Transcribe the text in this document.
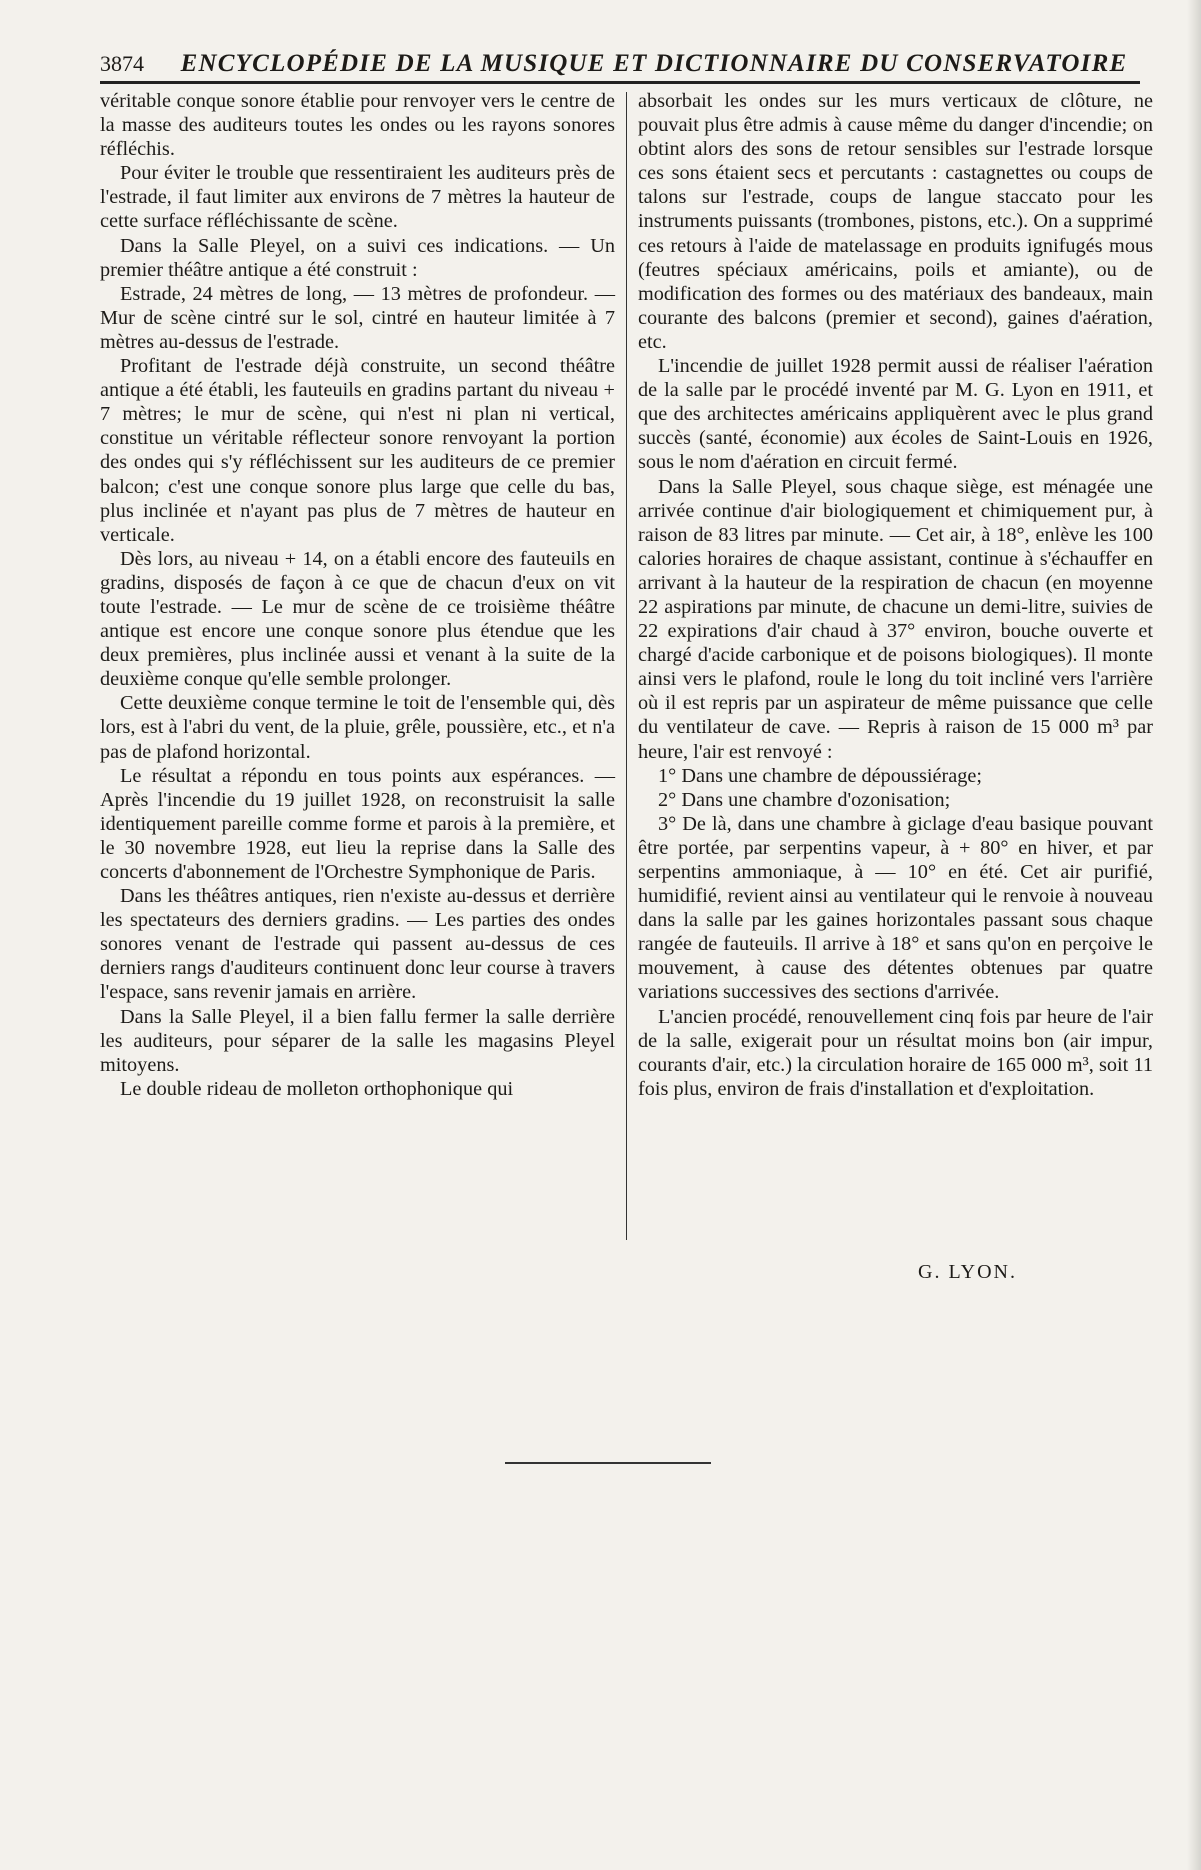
3874	ENCYCLOPÉDIE DE LA MUSIQUE ET DICTIONNAIRE DU CONSERVATOIRE

véritable conque sonore établie pour renvoyer vers le centre de la masse des auditeurs toutes les ondes ou les rayons sonores réfléchis.

Pour éviter le trouble que ressentiraient les auditeurs près de l'estrade, il faut limiter aux environs de 7 mètres la hauteur de cette surface réfléchissante de scène.

Dans la Salle Pleyel, on a suivi ces indications. — Un premier théâtre antique a été construit :

Estrade, 24 mètres de long, — 13 mètres de profondeur. — Mur de scène cintré sur le sol, cintré en hauteur limitée à 7 mètres au-dessus de l'estrade.

Profitant de l'estrade déjà construite, un second théâtre antique a été établi, les fauteuils en gradins partant du niveau + 7 mètres; le mur de scène, qui n'est ni plan ni vertical, constitue un véritable réflecteur sonore renvoyant la portion des ondes qui s'y réfléchissent sur les auditeurs de ce premier balcon; c'est une conque sonore plus large que celle du bas, plus inclinée et n'ayant pas plus de 7 mètres de hauteur en verticale.

Dès lors, au niveau + 14, on a établi encore des fauteuils en gradins, disposés de façon à ce que de chacun d'eux on vit toute l'estrade. — Le mur de scène de ce troisième théâtre antique est encore une conque sonore plus étendue que les deux premières, plus inclinée aussi et venant à la suite de la deuxième conque qu'elle semble prolonger.

Cette deuxième conque termine le toit de l'ensemble qui, dès lors, est à l'abri du vent, de la pluie, grêle, poussière, etc., et n'a pas de plafond horizontal.

Le résultat a répondu en tous points aux espérances. — Après l'incendie du 19 juillet 1928, on reconstruisit la salle identiquement pareille comme forme et parois à la première, et le 30 novembre 1928, eut lieu la reprise dans la Salle des concerts d'abonnement de l'Orchestre Symphonique de Paris.

Dans les théâtres antiques, rien n'existe au-dessus et derrière les spectateurs des derniers gradins. — Les parties des ondes sonores venant de l'estrade qui passent au-dessus de ces derniers rangs d'auditeurs continuent donc leur course à travers l'espace, sans revenir jamais en arrière.

Dans la Salle Pleyel, il a bien fallu fermer la salle derrière les auditeurs, pour séparer de la salle les magasins Pleyel mitoyens.

Le double rideau de molleton orthophonique qui

absorbait les ondes sur les murs verticaux de clôture, ne pouvait plus être admis à cause même du danger d'incendie; on obtint alors des sons de retour sensibles sur l'estrade lorsque ces sons étaient secs et percutants : castagnettes ou coups de talons sur l'estrade, coups de langue staccato pour les instruments puissants (trombones, pistons, etc.). On a supprimé ces retours à l'aide de matelassage en produits ignifugés mous (feutres spéciaux américains, poils et amiante), ou de modification des formes ou des matériaux des bandeaux, main courante des balcons (premier et second), gaines d'aération, etc.

L'incendie de juillet 1928 permit aussi de réaliser l'aération de la salle par le procédé inventé par M. G. Lyon en 1911, et que des architectes américains appliquèrent avec le plus grand succès (santé, économie) aux écoles de Saint-Louis en 1926, sous le nom d'aération en circuit fermé.

Dans la Salle Pleyel, sous chaque siège, est ménagée une arrivée continue d'air biologiquement et chimiquement pur, à raison de 83 litres par minute. — Cet air, à 18°, enlève les 100 calories horaires de chaque assistant, continue à s'échauffer en arrivant à la hauteur de la respiration de chacun (en moyenne 22 aspirations par minute, de chacune un demi-litre, suivies de 22 expirations d'air chaud à 37° environ, bouche ouverte et chargé d'acide carbonique et de poisons biologiques). Il monte ainsi vers le plafond, roule le long du toit incliné vers l'arrière où il est repris par un aspirateur de même puissance que celle du ventilateur de cave. — Repris à raison de 15 000 m³ par heure, l'air est renvoyé :

1° Dans une chambre de dépoussiérage;

2° Dans une chambre d'ozonisation;

3° De là, dans une chambre à giclage d'eau basique pouvant être portée, par serpentins vapeur, à + 80° en hiver, et par serpentins ammoniaque, à — 10° en été. Cet air purifié, humidifié, revient ainsi au ventilateur qui le renvoie à nouveau dans la salle par les gaines horizontales passant sous chaque rangée de fauteuils. Il arrive à 18° et sans qu'on en perçoive le mouvement, à cause des détentes obtenues par quatre variations successives des sections d'arrivée.

L'ancien procédé, renouvellement cinq fois par heure de l'air de la salle, exigerait pour un résultat moins bon (air impur, courants d'air, etc.) la circulation horaire de 165 000 m³, soit 11 fois plus, environ de frais d'installation et d'exploitation.

G. LYON.
